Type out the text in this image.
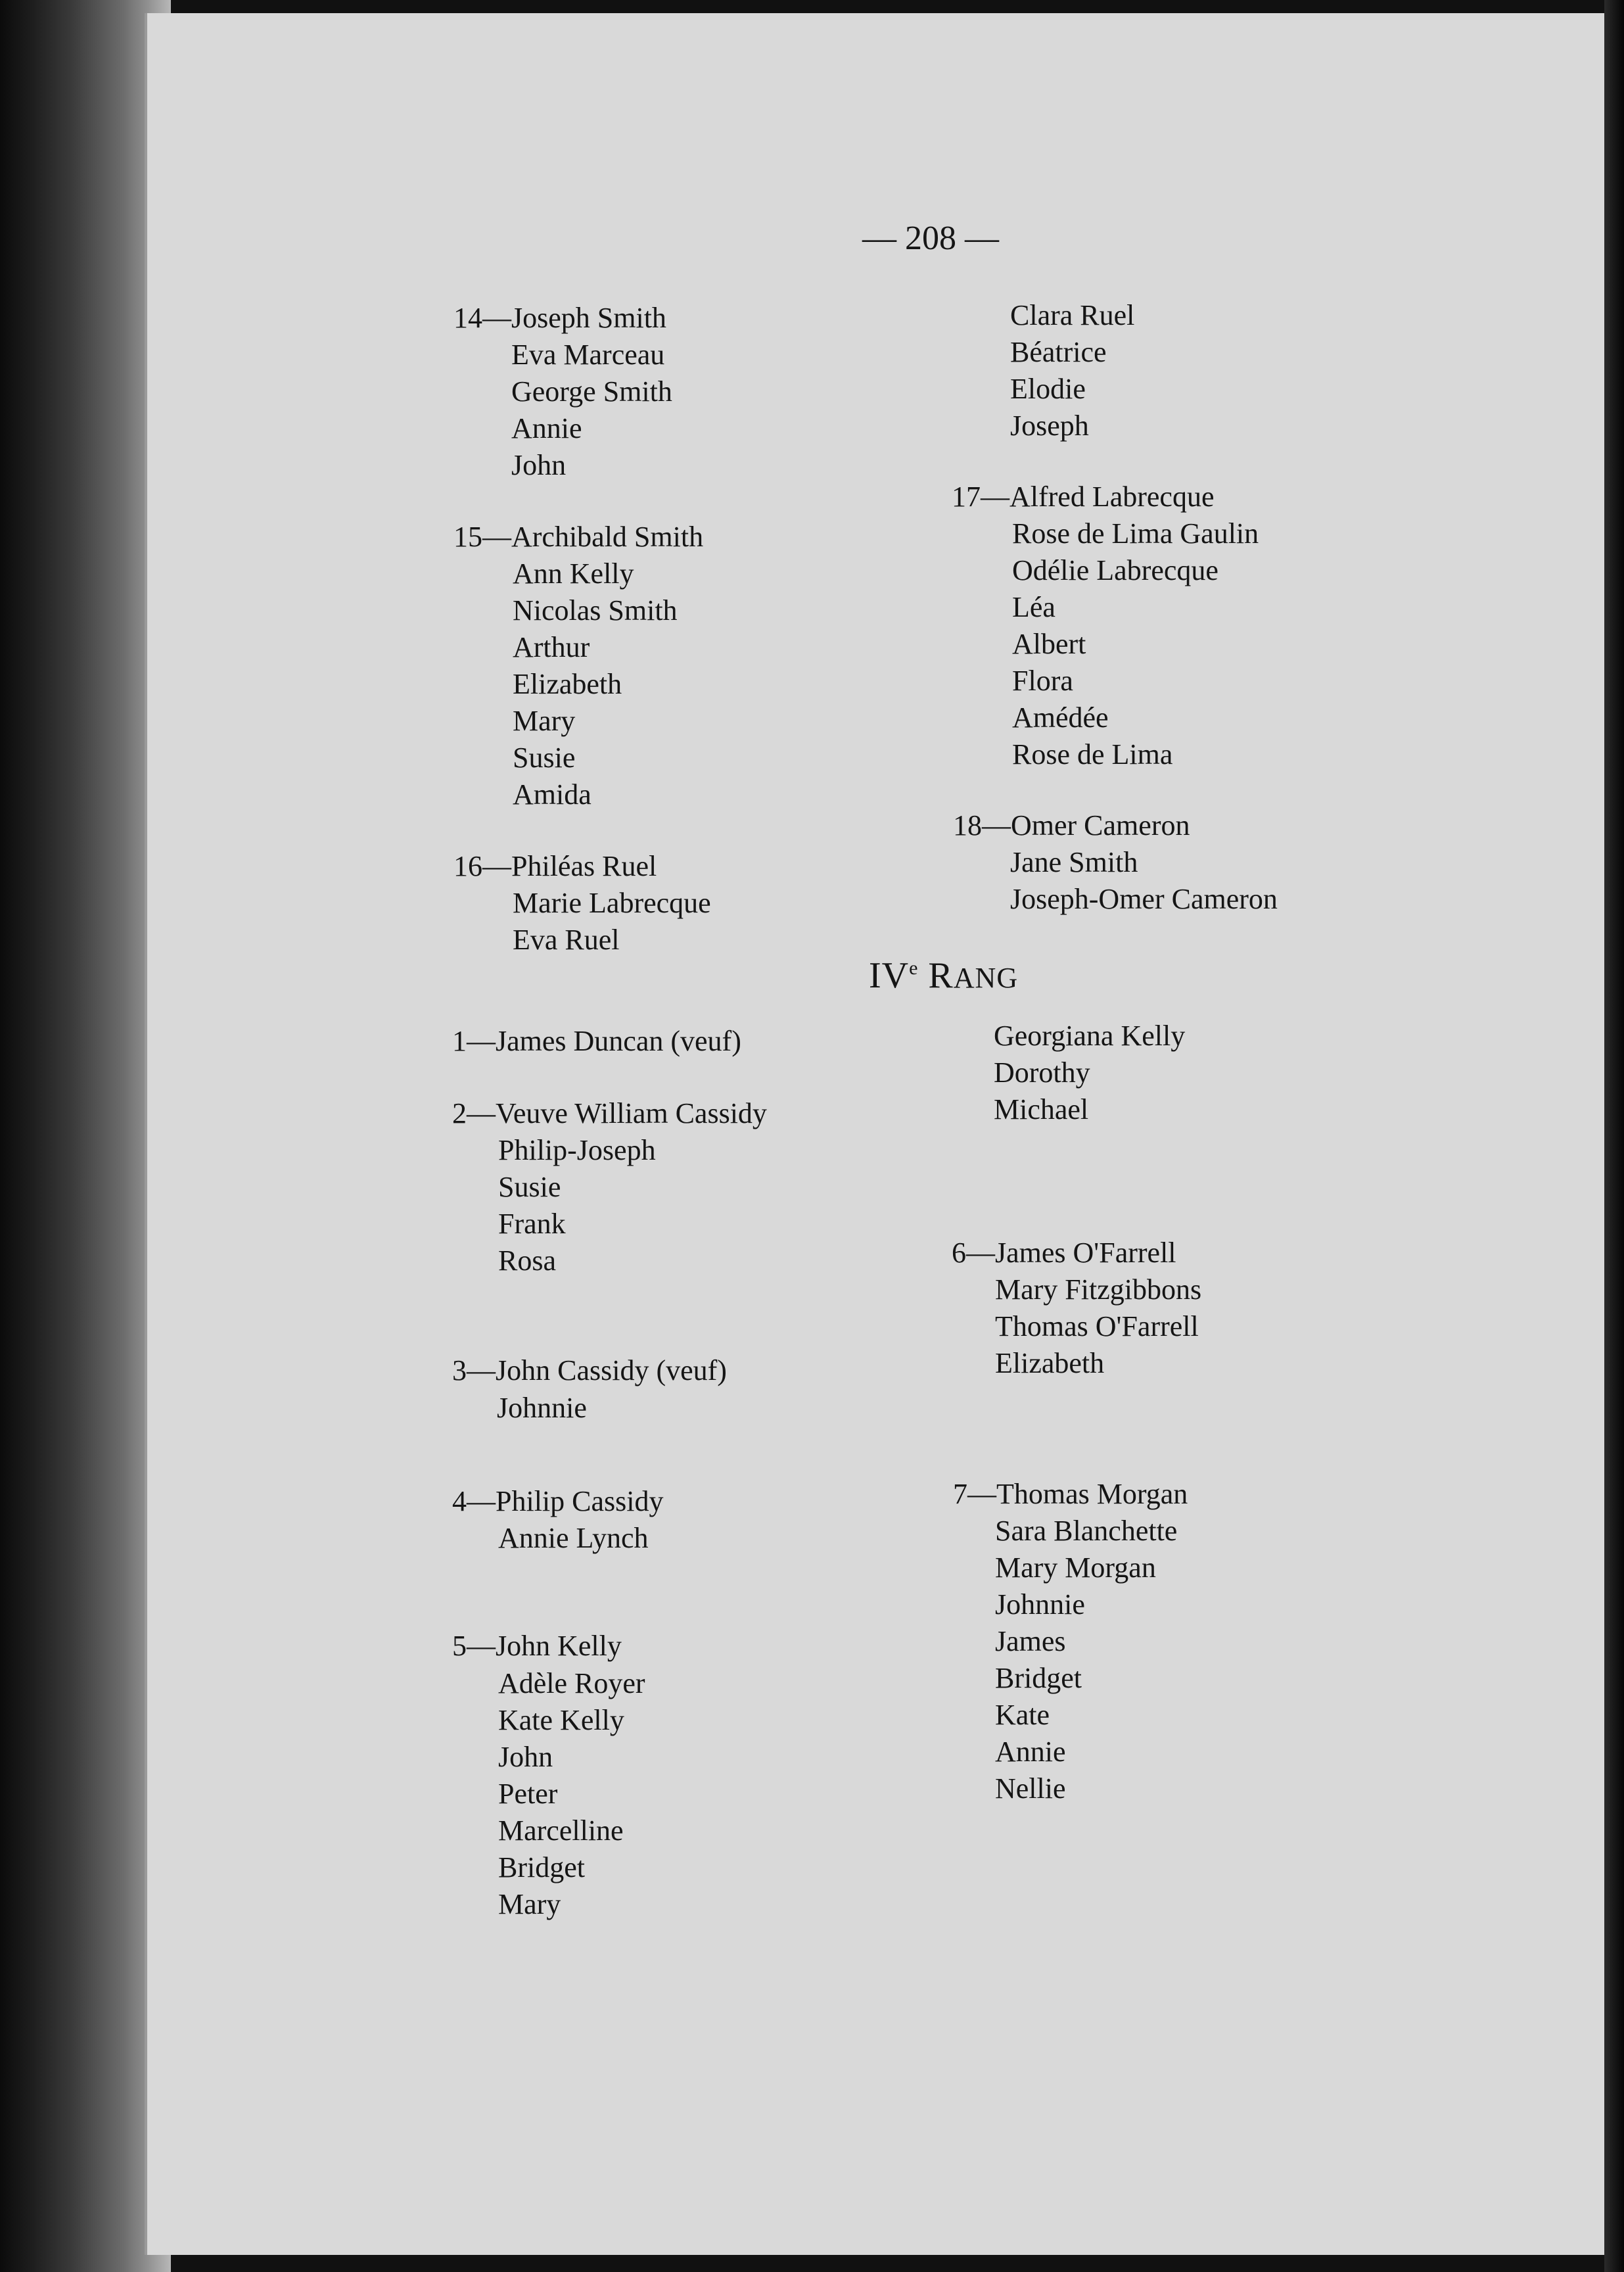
— 208 —
14—Joseph Smith
Eva Marceau
George Smith
Annie
John
15—Archibald Smith
Ann Kelly
Nicolas Smith
Arthur
Elizabeth
Mary
Susie
Amida
16—Philéas Ruel
Marie Labrecque
Eva Ruel
Clara Ruel
Béatrice
Elodie
Joseph
17—Alfred Labrecque
Rose de Lima Gaulin
Odélie Labrecque
Léa
Albert
Flora
Amédée
Rose de Lima
18—Omer Cameron
Jane Smith
Joseph-Omer Cameron
IVe RANG
1—James Duncan (veuf)
2—Veuve William Cassidy
Philip-Joseph
Susie
Frank
Rosa
3—John Cassidy (veuf)
Johnnie
4—Philip Cassidy
Annie Lynch
5—John Kelly
Adèle Royer
Kate Kelly
John
Peter
Marcelline
Bridget
Mary
Georgiana Kelly
Dorothy
Michael
6—James O'Farrell
Mary Fitzgibbons
Thomas O'Farrell
Elizabeth
7—Thomas Morgan
Sara Blanchette
Mary Morgan
Johnnie
James
Bridget
Kate
Annie
Nellie
